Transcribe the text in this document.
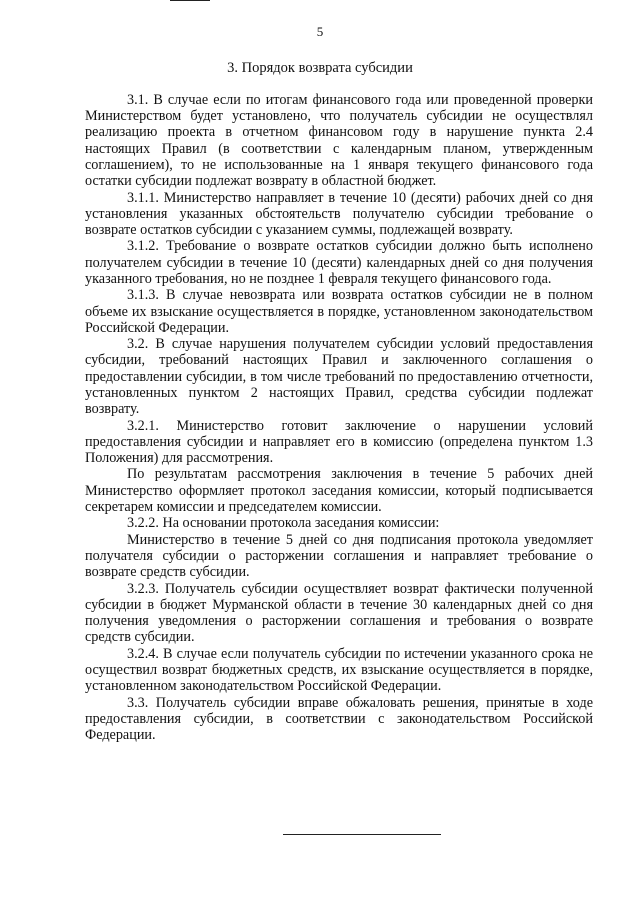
5
3. Порядок возврата субсидии

3.1. В случае если по итогам финансового года или проведенной проверки Министерством будет установлено, что получатель субсидии не осуществлял реализацию проекта в отчетном финансовом году в нарушение пункта 2.4 настоящих Правил (в соответствии с календарным планом, утвержденным соглашением), то не использованные на 1 января текущего финансового года остатки субсидии подлежат возврату в областной бюджет.

3.1.1. Министерство направляет в течение 10 (десяти) рабочих дней со дня установления указанных обстоятельств получателю субсидии требование о возврате остатков субсидии с указанием суммы, подлежащей возврату.

3.1.2. Требование о возврате остатков субсидии должно быть исполнено получателем субсидии в течение 10 (десяти) календарных дней со дня получения указанного требования, но не позднее 1 февраля текущего финансового года.

3.1.3. В случае невозврата или возврата остатков субсидии не в полном объеме их взыскание осуществляется в порядке, установленном законодательством Российской Федерации.

3.2. В случае нарушения получателем субсидии условий предоставления субсидии, требований настоящих Правил и заключенного соглашения о предоставлении субсидии, в том числе требований по предоставлению отчетности, установленных пунктом 2 настоящих Правил, средства субсидии подлежат возврату.

3.2.1. Министерство готовит заключение о нарушении условий предоставления субсидии и направляет его в комиссию (определена пунктом 1.3 Положения) для рассмотрения.

По результатам рассмотрения заключения в течение 5 рабочих дней Министерство оформляет протокол заседания комиссии, который подписывается секретарем комиссии и председателем комиссии.

3.2.2. На основании протокола заседания комиссии:

Министерство в течение 5 дней со дня подписания протокола уведомляет получателя субсидии о расторжении соглашения и направляет требование о возврате средств субсидии.

3.2.3. Получатель субсидии осуществляет возврат фактически полученной субсидии в бюджет Мурманской области в течение 30 календарных дней со дня получения уведомления о расторжении соглашения и требования о возврате средств субсидии.

3.2.4. В случае если получатель субсидии по истечении указанного срока не осуществил возврат бюджетных средств, их взыскание осуществляется в порядке, установленном законодательством Российской Федерации.

3.3. Получатель субсидии вправе обжаловать решения, принятые в ходе предоставления субсидии, в соответствии с законодательством Российской Федерации.
